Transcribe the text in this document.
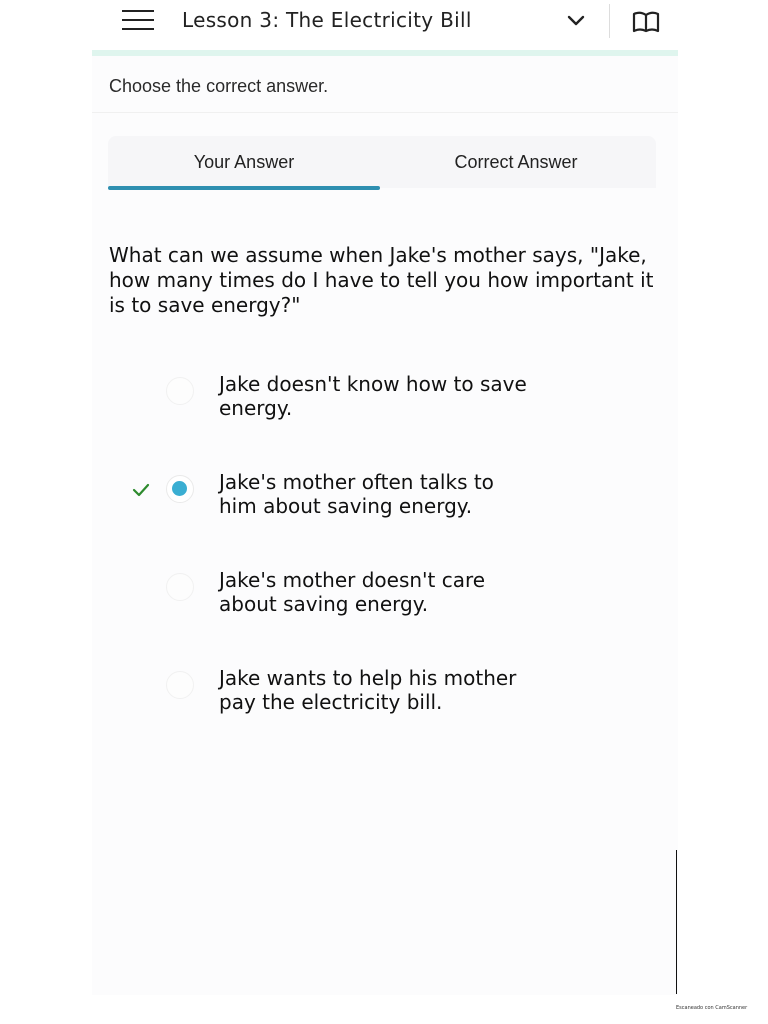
Lesson 3: The Electricity Bill
Choose the correct answer.
Your Answer	Correct Answer
What can we assume when Jake's mother says, "Jake, how many times do I have to tell you how important it is to save energy?"
Jake doesn't know how to save
energy.
Jake's mother often talks to
him about saving energy.
Jake's mother doesn't care
about saving energy.
Jake wants to help his mother
pay the electricity bill.
Escaneado con CamScanner
